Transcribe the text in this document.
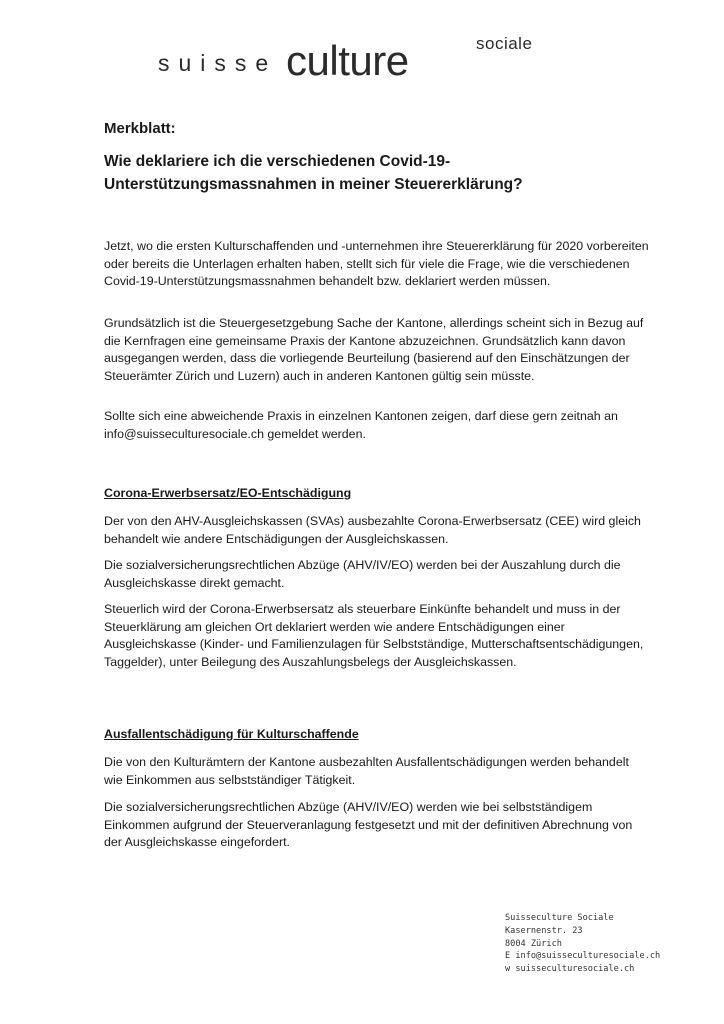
suisse culture	sociale

Merkblatt:

Wie deklariere ich die verschiedenen Covid-19-Unterstützungsmassnahmen in meiner Steuererklärung?

Jetzt, wo die ersten Kulturschaffenden und -unternehmen ihre Steuererklärung für 2020 vorbereiten oder bereits die Unterlagen erhalten haben, stellt sich für viele die Frage, wie die verschiedenen Covid-19-Unterstützungsmassnahmen behandelt bzw. deklariert werden müssen.

Grundsätzlich ist die Steuergesetzgebung Sache der Kantone, allerdings scheint sich in Bezug auf die Kernfragen eine gemeinsame Praxis der Kantone abzuzeichnen. Grundsätzlich kann davon ausgegangen werden, dass die vorliegende Beurteilung (basierend auf den Einschätzungen der Steuerämter Zürich und Luzern) auch in anderen Kantonen gültig sein müsste.

Sollte sich eine abweichende Praxis in einzelnen Kantonen zeigen, darf diese gern zeitnah an info@suisseculturesociale.ch gemeldet werden.

Corona-Erwerbsersatz/EO-Entschädigung

Der von den AHV-Ausgleichskassen (SVAs) ausbezahlte Corona-Erwerbsersatz (CEE) wird gleich behandelt wie andere Entschädigungen der Ausgleichskassen.

Die sozialversicherungsrechtlichen Abzüge (AHV/IV/EO) werden bei der Auszahlung durch die Ausgleichskasse direkt gemacht.

Steuerlich wird der Corona-Erwerbsersatz als steuerbare Einkünfte behandelt und muss in der Steuerklärung am gleichen Ort deklariert werden wie andere Entschädigungen einer Ausgleichskasse (Kinder- und Familienzulagen für Selbstständige, Mutterschaftsentschädigungen, Taggelder), unter Beilegung des Auszahlungsbelegs der Ausgleichskassen.

Ausfallentschädigung für Kulturschaffende

Die von den Kulturämtern der Kantone ausbezahlten Ausfallentschädigungen werden behandelt wie Einkommen aus selbstständiger Tätigkeit.

Die sozialversicherungsrechtlichen Abzüge (AHV/IV/EO) werden wie bei selbstständigem Einkommen aufgrund der Steuerveranlagung festgesetzt und mit der definitiven Abrechnung von der Ausgleichskasse eingefordert.

Suisseculture Sociale
Kasernenstr. 23
8004 Zürich
E info@suisseculturesociale.ch
w suisseculturesociale.ch
